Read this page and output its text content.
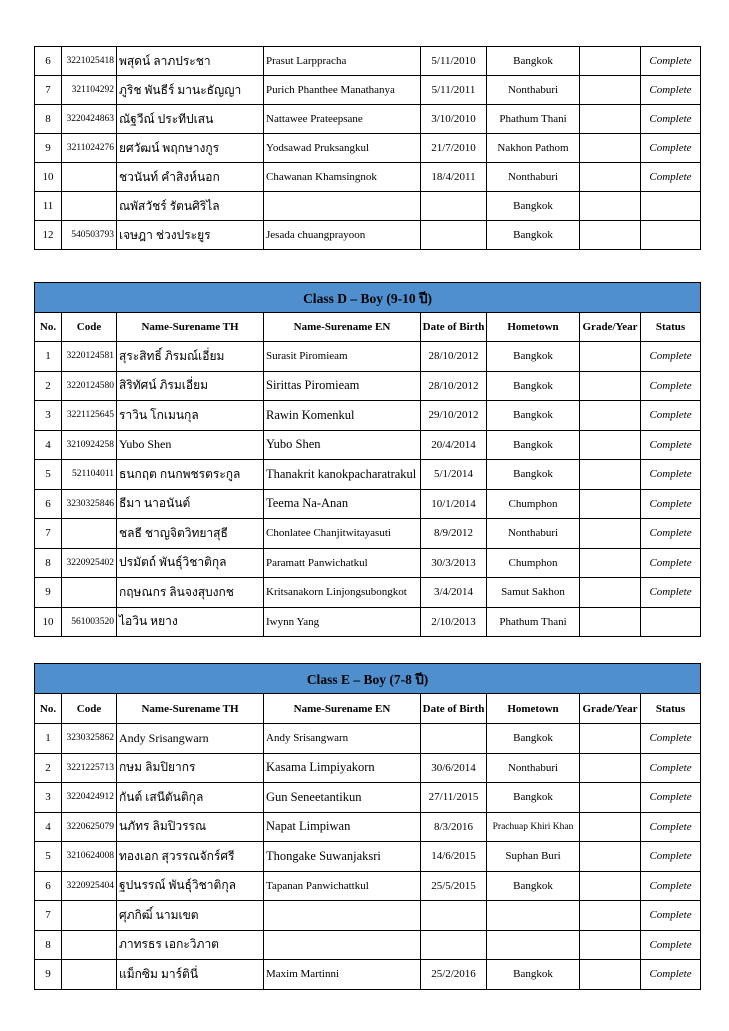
6	3221025418	พสุดน์ ลาภประชา	Prasut Larppracha	5/11/2010	Bangkok		Complete
7	321104292	ภูริช พันธีร์ มานะธัญญา	Purich Phanthee Manathanya	5/11/2011	Nonthaburi		Complete
8	3220424863	ณัฐวีณ์ ประทีปเสน	Nattawee Prateepsane	3/10/2010	Phathum Thani		Complete
9	3211024276	ยศวัฒน์ พฤกษางกูร	Yodsawad Pruksangkul	21/7/2010	Nakhon Pathom		Complete
10		ชวนันท์ คำสิงห์นอก	Chawanan Khamsingnok	18/4/2011	Nonthaburi		Complete
11		ณพัสวัชร์ รัตนศิริไล			Bangkok		
12	540503793	เจษฎา ช่วงประยูร	Jesada chuangprayoon		Bangkok		
Class D – Boy (9-10 ปี)							
No.	Code	Name-Surename TH	Name-Surename EN	Date of Birth	Hometown	Grade/Year	Status
1	3220124581	สุระสิทธิ์ ภิรมณ์เอี่ยม	Surasit Piromieam	28/10/2012	Bangkok		Complete
2	3220124580	สิริทัศน์ ภิรมเอี่ยม	Sirittas Piromieam	28/10/2012	Bangkok		Complete
3	3221125645	ราวิน โกเมนกุล	Rawin Komenkul	29/10/2012	Bangkok		Complete
4	3210924258	Yubo Shen	Yubo Shen	20/4/2014	Bangkok		Complete
5	521104011	ธนกฤต กนกพชรตระกูล	Thanakrit kanokpacharatrakul	5/1/2014	Bangkok		Complete
6	3230325846	ธีมา นาอนันต์	Teema Na-Anan	10/1/2014	Chumphon		Complete
7		ชลธี ชาญจิตวิทยาสุธี	Chonlatee Chanjitwitayasuti	8/9/2012	Nonthaburi		Complete
8	3220925402	ปรมัตถ์ พันธุ์วิชาติกุล	Paramatt Panwichatkul	30/3/2013	Chumphon		Complete
9		กฤษณกร ลินจงสุบงกช	Kritsanakorn Linjongsubongkot	3/4/2014	Samut Sakhon		Complete
10	561003520	ไอวิน หยาง	Iwynn Yang	2/10/2013	Phathum Thani		
Class E – Boy (7-8 ปี)							
No.	Code	Name-Surename TH	Name-Surename EN	Date of Birth	Hometown	Grade/Year	Status
1	3230325862	Andy Srisangwarn	Andy Srisangwarn		Bangkok		Complete
2	3221225713	กษม ลิมปิยากร	Kasama Limpiyakorn	30/6/2014	Nonthaburi		Complete
3	3220424912	กันต์ เสนีตันติกุล	Gun Seneetantikun	27/11/2015	Bangkok		Complete
4	3220625079	นภัทร ลิมปิวรรณ	Napat Limpiwan	8/3/2016	Prachuap Khiri Khan		Complete
5	3210624008	ทองเอก สุวรรณจักร์ศรี	Thongake Suwanjaksri	14/6/2015	Suphan Buri		Complete
6	3220925404	ฐปนรรณ์ พันธุ์วิชาติกุล	Tapanan Panwichattkul	25/5/2015	Bangkok		Complete
7		ศุภกิฒิ์ นามเขต					Complete
8		ภาทรธร เอกะวิภาต					Complete
9		แม็กซิม มาร์ตินี่	Maxim Martinni	25/2/2016	Bangkok		Complete
